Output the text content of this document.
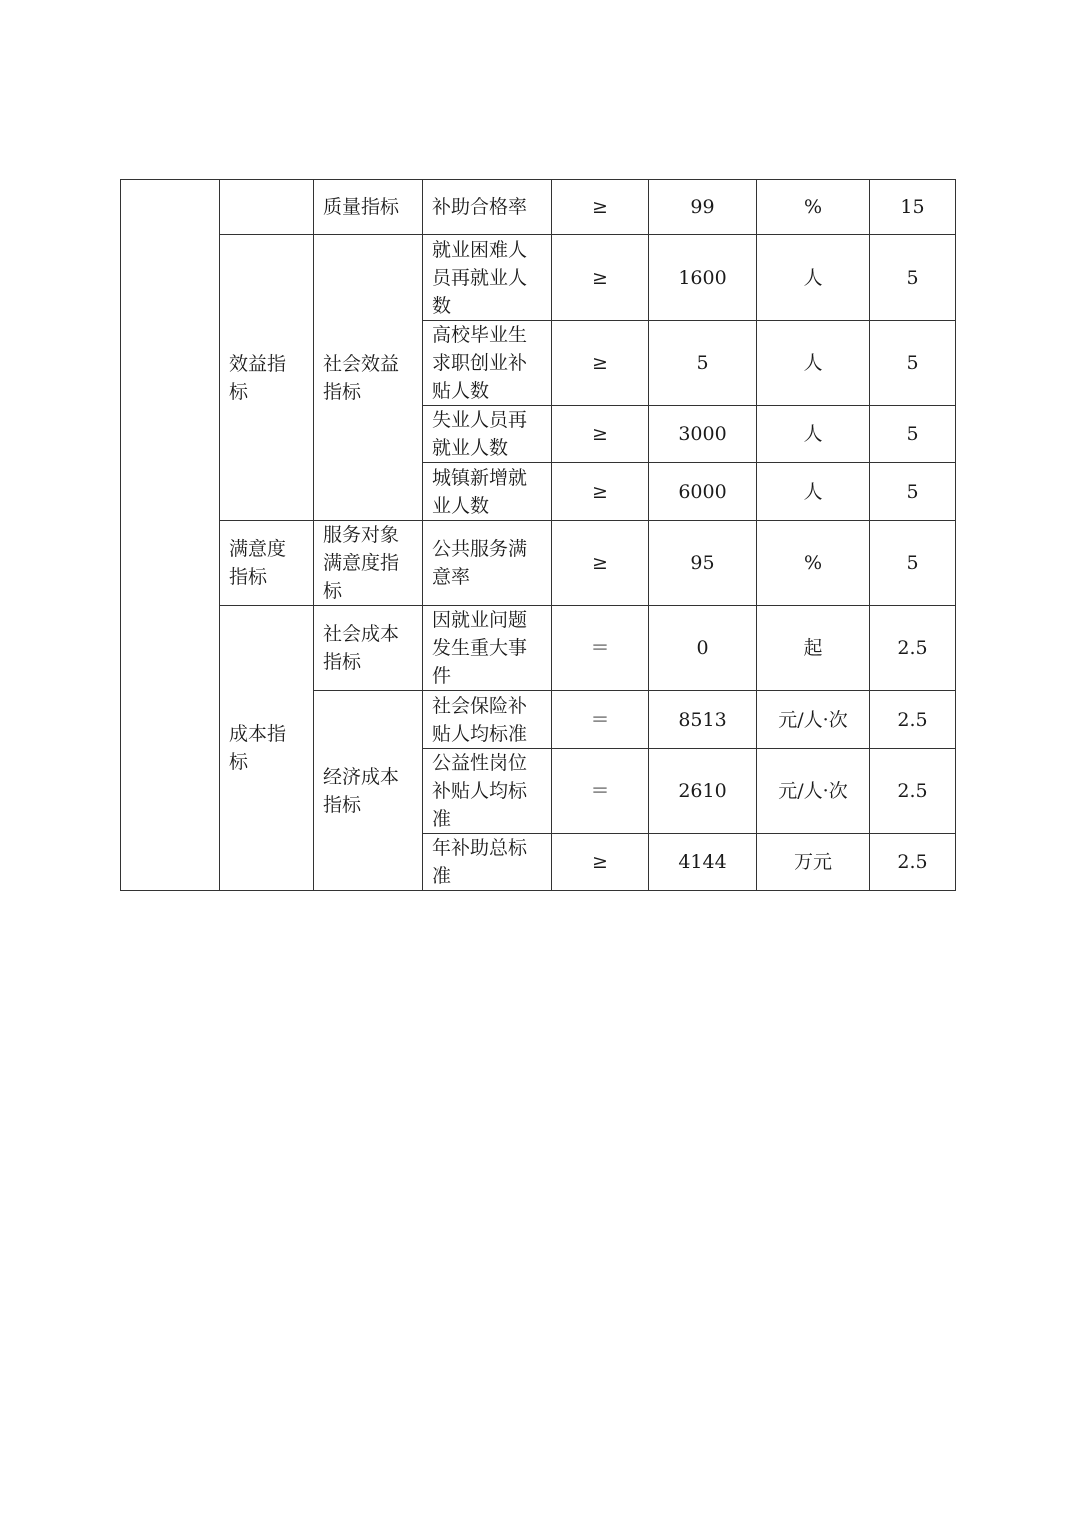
		质量指标	补助合格率	≥	99	%	15
	效益指标	社会效益指标	就业困难人员再就业人数	≥	1600	人	5
			高校毕业生求职创业补贴人数	≥	5	人	5
			失业人员再就业人数	≥	3000	人	5
			城镇新增就业人数	≥	6000	人	5
	满意度指标	服务对象满意度指标	公共服务满意率	≥	95	%	5
	成本指标	社会成本指标	因就业问题发生重大事件	＝	0	起	2.5
		经济成本指标	社会保险补贴人均标准	＝	8513	元/人·次	2.5
			公益性岗位补贴人均标准	＝	2610	元/人·次	2.5
			年补助总标准	≥	4144	万元	2.5
